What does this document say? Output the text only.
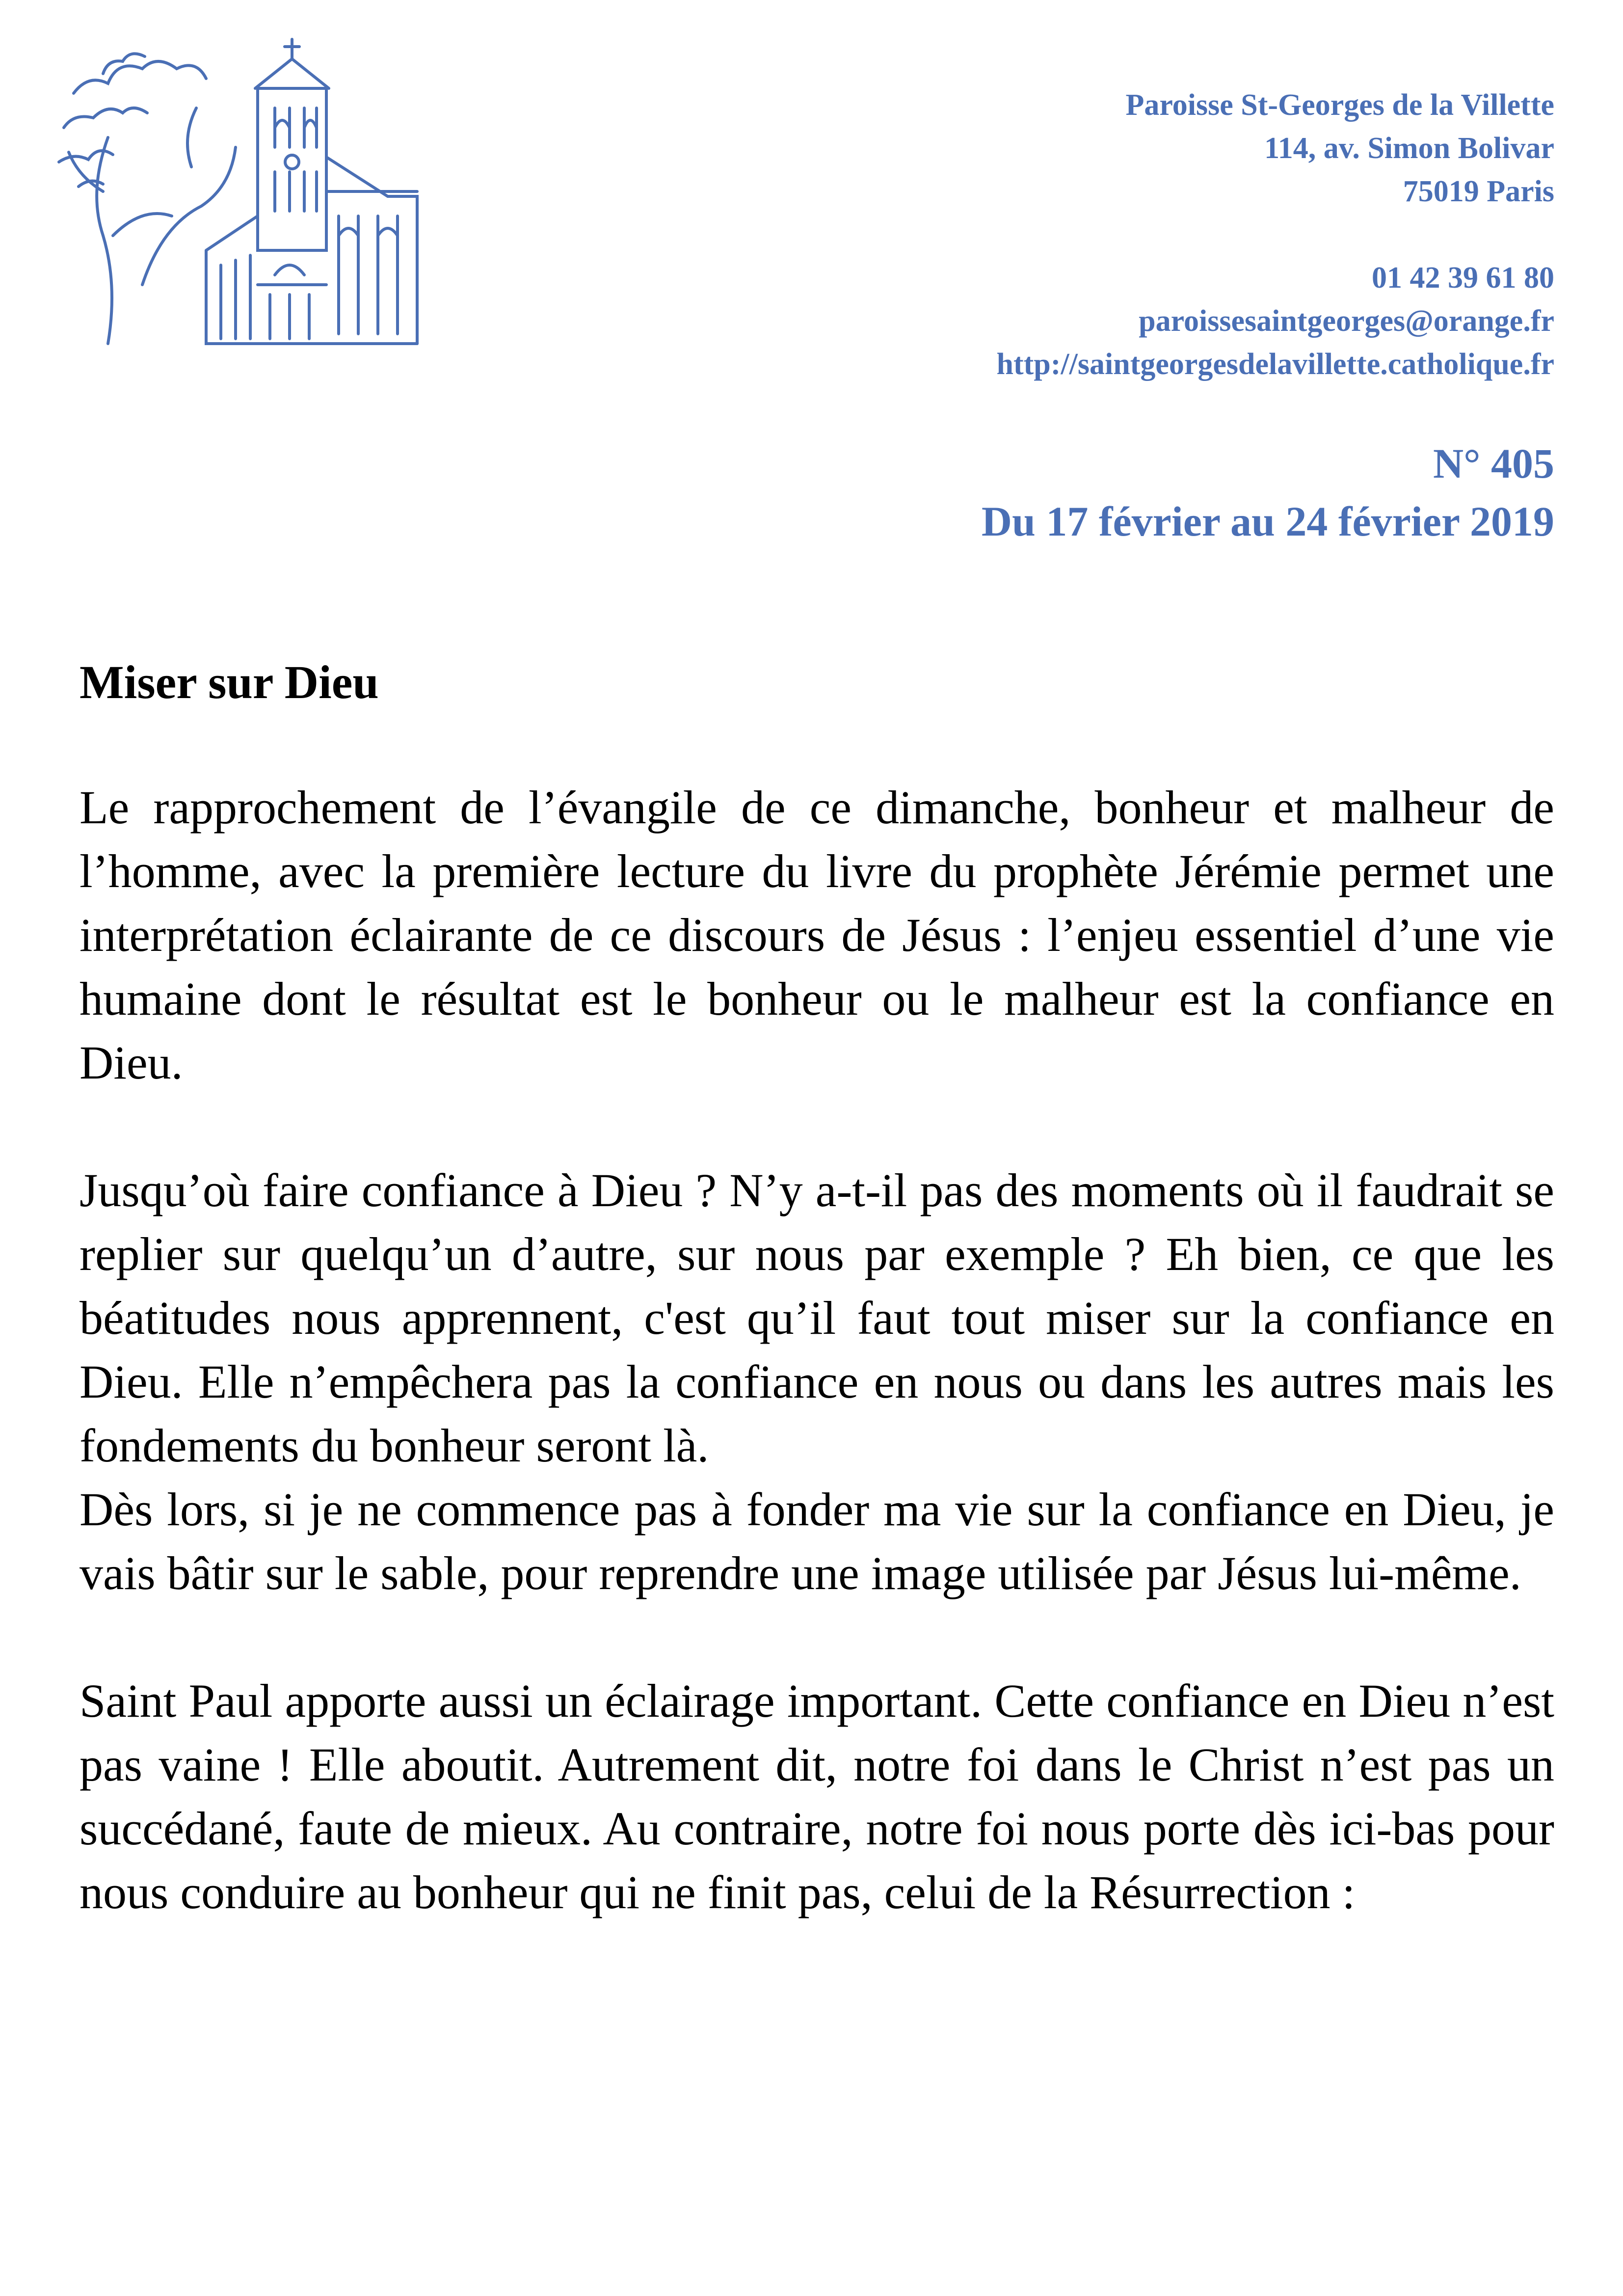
Paroisse St-Georges de la Villette
114, av. Simon Bolivar
75019 Paris
01 42 39 61 80
paroissesaintgeorges@orange.fr
http://saintgeorgesdelavillette.catholique.fr
N° 405
Du 17 février au 24 février 2019
Miser sur Dieu

Le rapprochement de l’évangile de ce dimanche, bonheur et malheur de l’homme, avec la première lecture du livre du prophète Jérémie permet une interprétation éclairante de ce discours de Jésus : l’enjeu essentiel d’une vie humaine dont le résultat est le bonheur ou le malheur est la confiance en Dieu.

Jusqu’où faire confiance à Dieu ? N’y a-t-il pas des moments où il faudrait se replier sur quelqu’un d’autre, sur nous par exemple ? Eh bien, ce que les béatitudes nous apprennent, c'est qu’il faut tout miser sur la confiance en Dieu. Elle n’empêchera pas la confiance en nous ou dans les autres mais les fondements du bonheur seront là.

Dès lors, si je ne commence pas à fonder ma vie sur la confiance en Dieu, je vais bâtir sur le sable, pour reprendre une image utilisée par Jésus lui-même.

Saint Paul apporte aussi un éclairage important. Cette confiance en Dieu n’est pas vaine ! Elle aboutit. Autrement dit, notre foi dans le Christ n’est pas un succédané, faute de mieux. Au contraire, notre foi nous porte dès ici-bas pour nous conduire au bonheur qui ne finit pas, celui de la Résurrection :
